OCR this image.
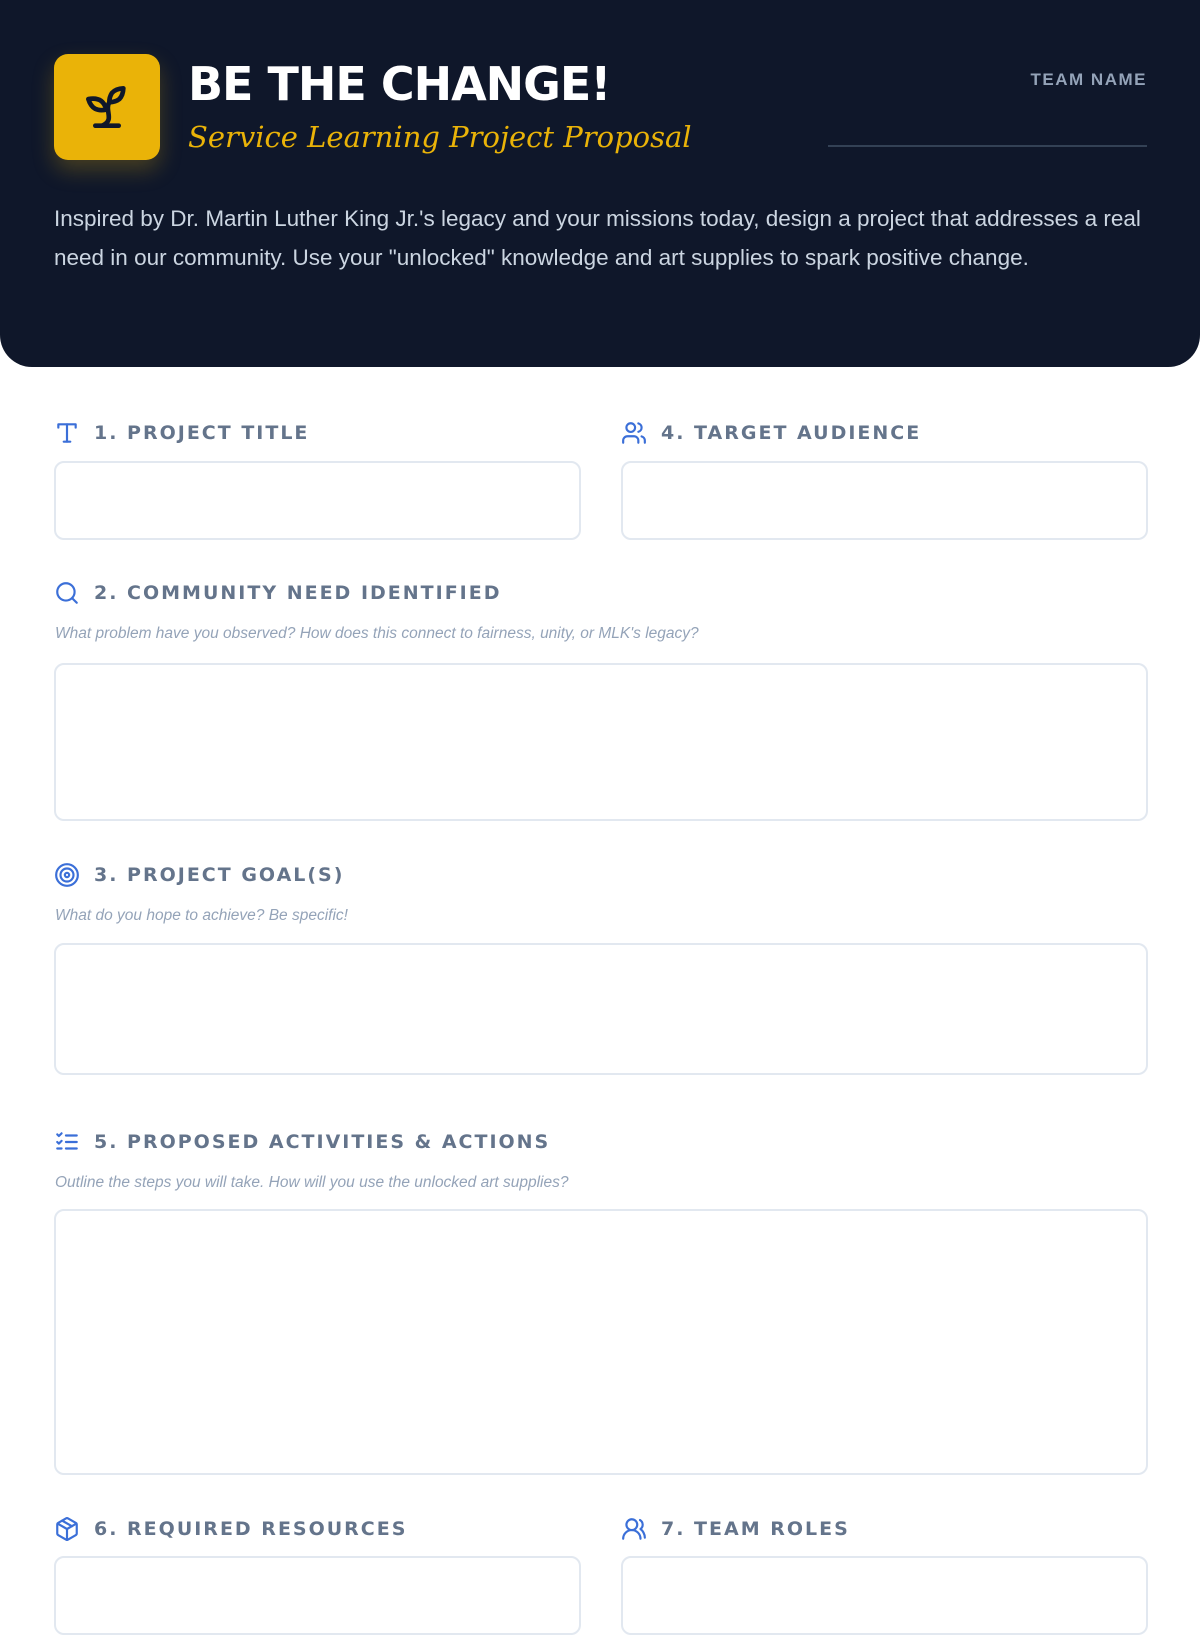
BE THE CHANGE!
Service Learning Project Proposal
TEAM NAME

Inspired by Dr. Martin Luther King Jr.'s legacy and your missions today, design a project that addresses a real need in our community. Use your "unlocked" knowledge and art supplies to spark positive change.

1. PROJECT TITLE	4. TARGET AUDIENCE
2. COMMUNITY NEED IDENTIFIED
What problem have you observed? How does this connect to fairness, unity, or MLK's legacy?
3. PROJECT GOAL(S)
What do you hope to achieve? Be specific!
5. PROPOSED ACTIVITIES & ACTIONS
Outline the steps you will take. How will you use the unlocked art supplies?
6. REQUIRED RESOURCES	7. TEAM ROLES
